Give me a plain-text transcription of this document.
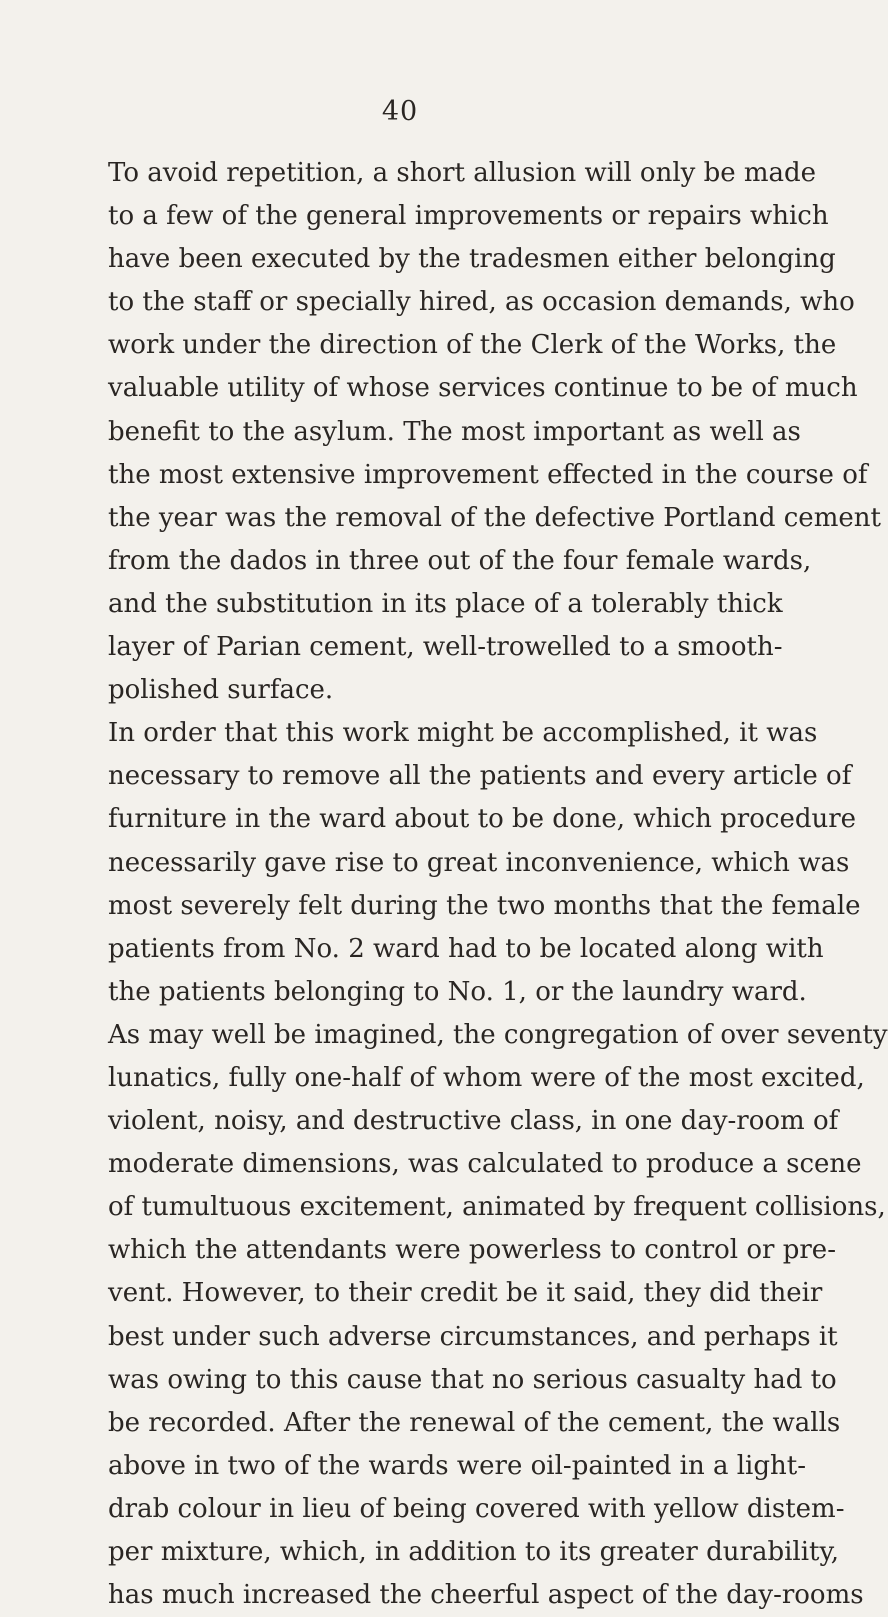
40
To avoid repetition, a short allusion will only be made
to a few of the general improvements or repairs which
have been executed by the tradesmen either belonging
to the staff or specially hired, as occasion demands, who
work under the direction of the Clerk of the Works, the
valuable utility of whose services continue to be of much
benefit to the asylum. The most important as well as
the most extensive improvement effected in the course of
the year was the removal of the defective Portland cement
from the dados in three out of the four female wards,
and the substitution in its place of a tolerably thick
layer of Parian cement, well-trowelled to a smooth-
polished surface.
In order that this work might be accomplished, it was
necessary to remove all the patients and every article of
furniture in the ward about to be done, which procedure
necessarily gave rise to great inconvenience, which was
most severely felt during the two months that the female
patients from No. 2 ward had to be located along with
the patients belonging to No. 1, or the laundry ward.
As may well be imagined, the congregation of over seventy
lunatics, fully one-half of whom were of the most excited,
violent, noisy, and destructive class, in one day-room of
moderate dimensions, was calculated to produce a scene
of tumultuous excitement, animated by frequent collisions,
which the attendants were powerless to control or pre-
vent. However, to their credit be it said, they did their
best under such adverse circumstances, and perhaps it
was owing to this cause that no serious casualty had to
be recorded. After the renewal of the cement, the walls
above in two of the wards were oil-painted in a light-
drab colour in lieu of being covered with yellow distem-
per mixture, which, in addition to its greater durability,
has much increased the cheerful aspect of the day-rooms
